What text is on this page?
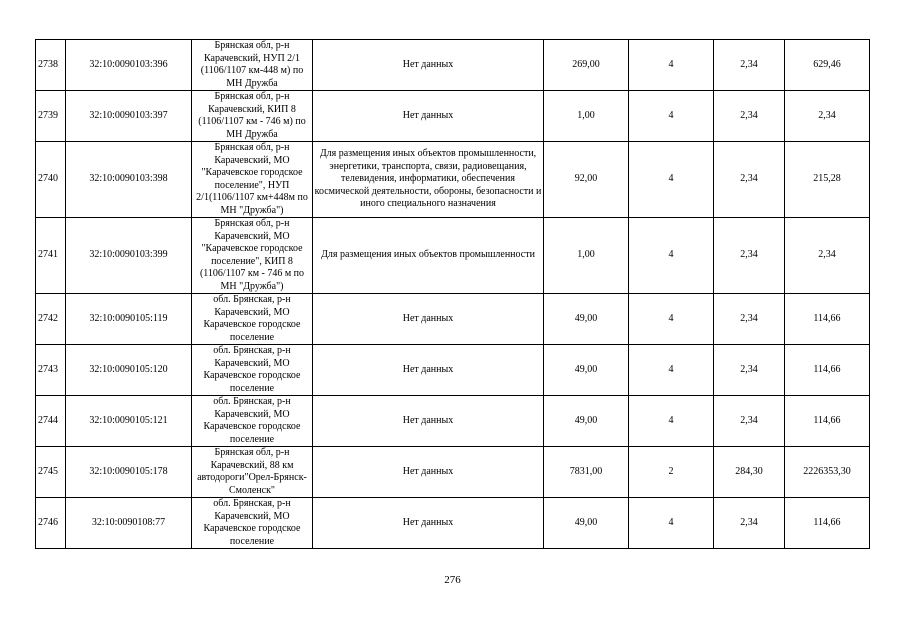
2738	32:10:0090103:396	Брянская обл, р-н Карачевский, НУП 2/1 (1106/1107 км-448 м) по МН Дружба	Нет данных	269,00	4	2,34	629,46
2739	32:10:0090103:397	Брянская обл, р-н Карачевский, КИП 8 (1106/1107 км - 746 м) по МН Дружба	Нет данных	1,00	4	2,34	2,34
2740	32:10:0090103:398	Брянская обл, р-н Карачевский, МО "Карачевское городское поселение", НУП 2/1(1106/1107 км+448м по МН "Дружба")	Для размещения иных объектов промышленности, энергетики, транспорта, связи, радиовещания, телевидения, информатики, обеспечения космической деятельности, обороны, безопасности и иного специального назначения	92,00	4	2,34	215,28
2741	32:10:0090103:399	Брянская обл, р-н Карачевский, МО "Карачевское городское поселение", КИП 8 (1106/1107 км - 746 м по МН "Дружба")	Для размещения иных объектов промышленности	1,00	4	2,34	2,34
2742	32:10:0090105:119	обл. Брянская, р-н Карачевский, МО Карачевское городское поселение	Нет данных	49,00	4	2,34	114,66
2743	32:10:0090105:120	обл. Брянская, р-н Карачевский, МО Карачевское городское поселение	Нет данных	49,00	4	2,34	114,66
2744	32:10:0090105:121	обл. Брянская, р-н Карачевский, МО Карачевское городское поселение	Нет данных	49,00	4	2,34	114,66
2745	32:10:0090105:178	Брянская обл, р-н Карачевский, 88 км автодороги"Орел-Брянск-Смоленск"	Нет данных	7831,00	2	284,30	2226353,30
2746	32:10:0090108:77	обл. Брянская, р-н Карачевский, МО Карачевское городское поселение	Нет данных	49,00	4	2,34	114,66
276
